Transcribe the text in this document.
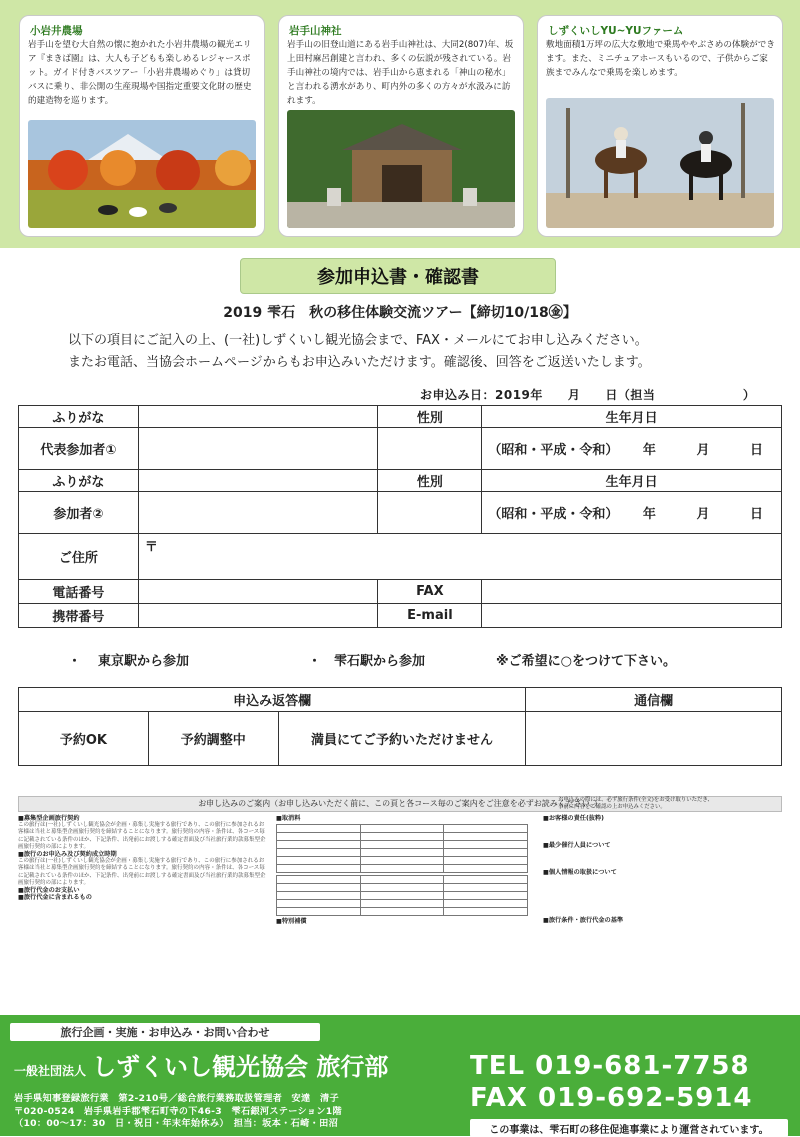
小岩井農場
岩手山を望む大自然の懐に抱かれた小岩井農場の観光エリア『まきば園』は、大人も子どもも楽しめるレジャースポット。ガイド付きバスツアー「小岩井農場めぐり」は貸切バスに乗り、非公開の生産現場や国指定重要文化財の歴史的建造物を巡ります。
岩手山神社
岩手山の旧登山道にある岩手山神社は、大同2(807)年、坂上田村麻呂創建と言われ、多くの伝説が残されている。岩手山神社の境内では、岩手山から恵まれる「神山の秘水」と言われる湧水があり、町内外の多くの方々が水汲みに訪れます。
しずくいしYU~YUファーム
敷地面積1万坪の広大な敷地で乗馬ややぶさめの体験ができます。また、ミニチュアホースもいるので、子供からご家族までみんなで乗馬を楽しめます。
参加申込書・確認書
2019 雫石　秋の移住体験交流ツアー【締切10/18㊎】
以下の項目にご記入の上、(一社)しずくいし観光協会まで、FAX・メールにてお申し込みください。
またお電話、当協会ホームページからもお申込みいただけます。確認後、回答をご返送いたします。
お申込み日：2019年　　月　　日（担当　　　　　　　）
ふりがな		性別	生年月日
代表参加者①			（昭和・平成・令和） 年 月 日
ふりがな		性別	生年月日
参加者②			（昭和・平成・令和） 年 月 日
ご住所	〒		
電話番号		FAX	
携帯番号		E-mail	
・ 東京駅から参加	・ 雫石駅から参加	※ご希望に○をつけて下さい。
申込み返答欄			通信欄
予約OK	予約調整中	満員にてご予約いただけません	
お申し込みのご案内（お申し込みいただく前に、この頁と各コース毎のご案内をご注意を必ずお読みください。）
お申込みの際には、必ず旅行条件(全文)をお受け取りいただき、事前に内容をご確認の上お申込みください。
■募集型企画旅行契約
この旅行は(一社)しずくいし観光協会が企画・募集し実施する旅行であり、この旅行に参加されるお客様は当社と募集型企画旅行契約を締結することになります。旅行契約の内容・条件は、各コース毎に記載されている条件のほか、下記条件、出発前にお渡しする確定書面及び当社旅行業約款募集型企画旅行契約の部によります。
■旅行のお申込み及び契約成立時期
この旅行は(一社)しずくいし観光協会が企画・募集し実施する旅行であり、この旅行に参加されるお客様は当社と募集型企画旅行契約を締結することになります。旅行契約の内容・条件は、各コース毎に記載されている条件のほか、下記条件、出発前にお渡しする確定書面及び当社旅行業約款募集型企画旅行契約の部によります。
■旅行代金のお支払い
■旅行代金に含まれるもの
■取消料

■特別補償
■お客様の責任(抜粋)
■最少催行人員について
■個人情報の取扱について
■旅行条件・旅行代金の基準
旅行企画・実施・お申込み・お問い合わせ
一般社団法人 しずくいし観光協会 旅行部
岩手県知事登録旅行業　第2-210号／総合旅行業務取扱管理者　安達　清子
〒020-0524　岩手県岩手郡雫石町寺の下46-3　雫石銀河ステーション1階
（10：00～17：30　日・祝日・年末年始休み）　担当：坂本・石崎・田沼
TEL 019-681-7758
FAX 019-692-5914
この事業は、雫石町の移住促進事業により運営されています。
